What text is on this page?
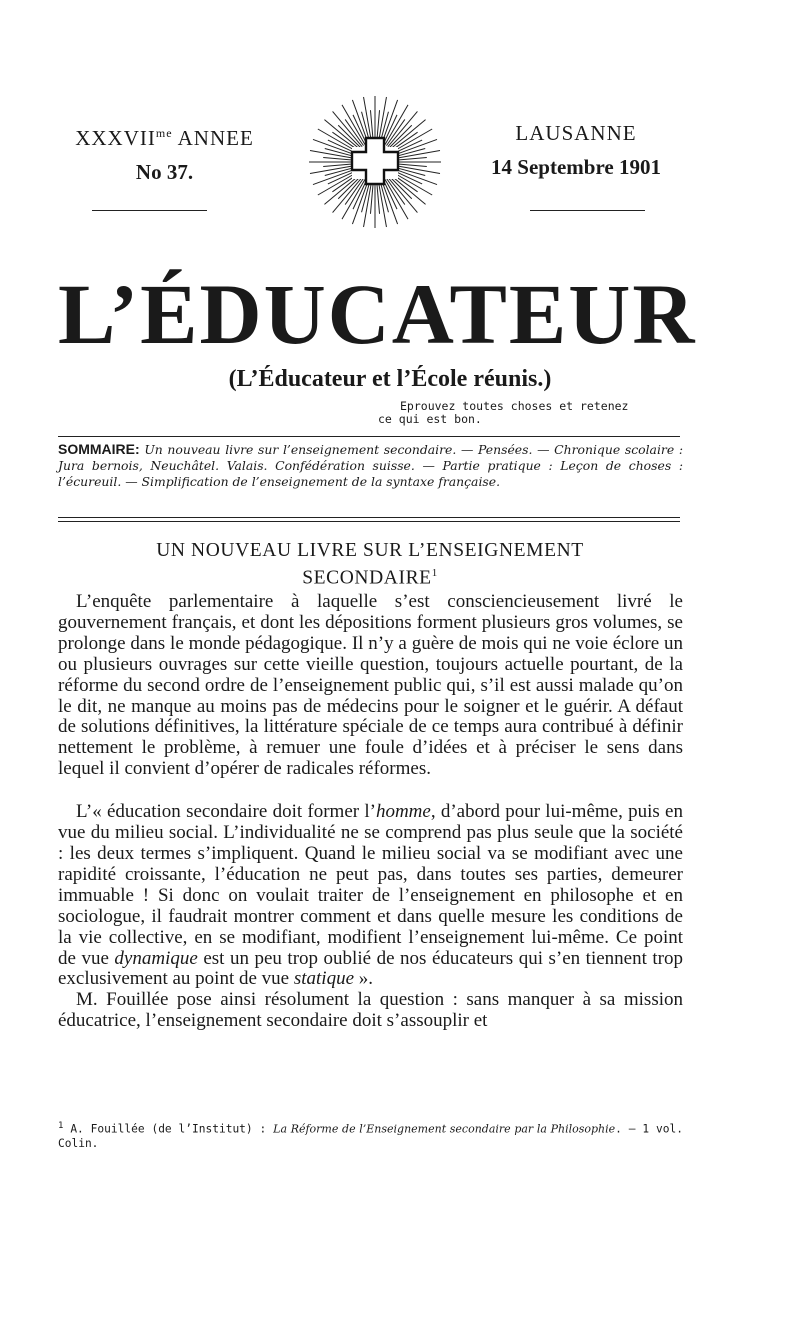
$XXXVII^{me}$ ANNEE
No 37.
LAUSANNE
14 Septembre 1901
L’ÉDUCATEUR
(L’Éducateur et l’École réunis.)
Eprouvez toutes choses et retenez
ce qui est bon.
SOMMAIRE: Un nouveau livre sur l’enseignement secondaire. — Pensées. — Chronique scolaire : Jura bernois, Neuchâtel. Valais. Confédération suisse. — Partie pratique : Leçon de choses : l’écureuil. — Simplification de l’enseignement de la syntaxe française.
UN NOUVEAU LIVRE SUR L’ENSEIGNEMENT
SECONDAIRE$^1$

L’enquête parlementaire à laquelle s’est consciencieusement livré le gouvernement français, et dont les dépositions forment plusieurs gros volumes, se prolonge dans le monde pédagogique. Il n’y a guère de mois qui ne voie éclore un ou plusieurs ouvrages sur cette vieille question, toujours actuelle pourtant, de la réforme du second ordre de l’enseignement public qui, s’il est aussi malade qu’on le dit, ne manque au moins pas de médecins pour le soigner et le guérir. A défaut de solutions définitives, la littérature spéciale de ce temps aura contribué à définir nettement le problème, à remuer une foule d’idées et à préciser le sens dans lequel il convient d’opérer de radicales réformes.

L’« éducation secondaire doit former l’homme, d’abord pour lui-même, puis en vue du milieu social. L’individualité ne se comprend pas plus seule que la société : les deux termes s’impliquent. Quand le milieu social va se modifiant avec une rapidité croissante, l’éducation ne peut pas, dans toutes ses parties, demeurer immuable ! Si donc on voulait traiter de l’enseignement en philosophe et en sociologue, il faudrait montrer comment et dans quelle mesure les conditions de la vie collective, en se modifiant, modifient l’enseignement lui-même. Ce point de vue dynamique est un peu trop oublié de nos éducateurs qui s’en tiennent trop exclusivement au point de vue statique ».

M. Fouillée pose ainsi résolument la question : sans manquer à sa mission éducatrice, l’enseignement secondaire doit s’assouplir et

$^1$ A. Fouillée (de l’Institut) : La Réforme de l’Enseignement secondaire par la Philosophie. — 1 vol. Colin.
